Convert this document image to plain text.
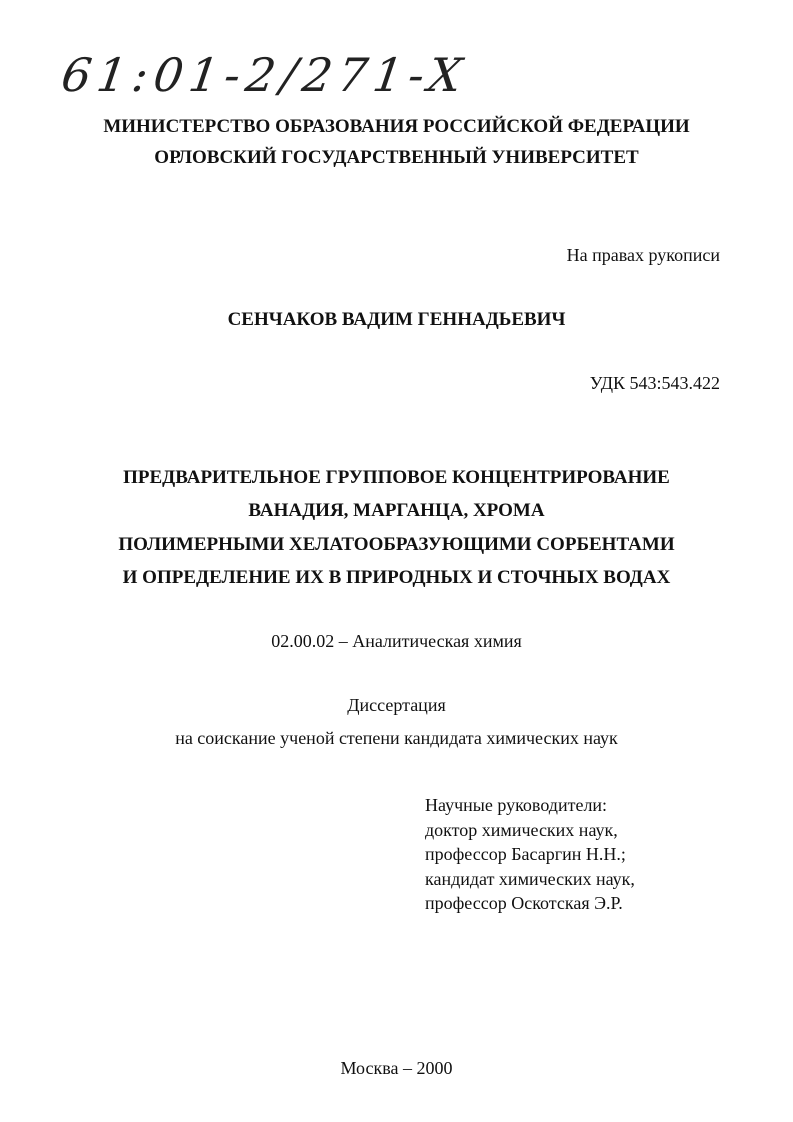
61:01-2/271-X
МИНИСТЕРСТВО ОБРАЗОВАНИЯ РОССИЙСКОЙ ФЕДЕРАЦИИ
ОРЛОВСКИЙ ГОСУДАРСТВЕННЫЙ УНИВЕРСИТЕТ
На правах рукописи
СЕНЧАКОВ ВАДИМ ГЕННАДЬЕВИЧ
УДК 543:543.422
ПРЕДВАРИТЕЛЬНОЕ ГРУППОВОЕ КОНЦЕНТРИРОВАНИЕ
ВАНАДИЯ, МАРГАНЦА, ХРОМА
ПОЛИМЕРНЫМИ ХЕЛАТООБРАЗУЮЩИМИ СОРБЕНТАМИ
И ОПРЕДЕЛЕНИЕ ИХ В ПРИРОДНЫХ И СТОЧНЫХ ВОДАХ
02.00.02 – Аналитическая химия
Диссертация
на соискание ученой степени кандидата химических наук
Научные руководители:
доктор химических наук,
профессор Басаргин Н.Н.;
кандидат химических наук,
профессор Оскотская Э.Р.
Москва – 2000
